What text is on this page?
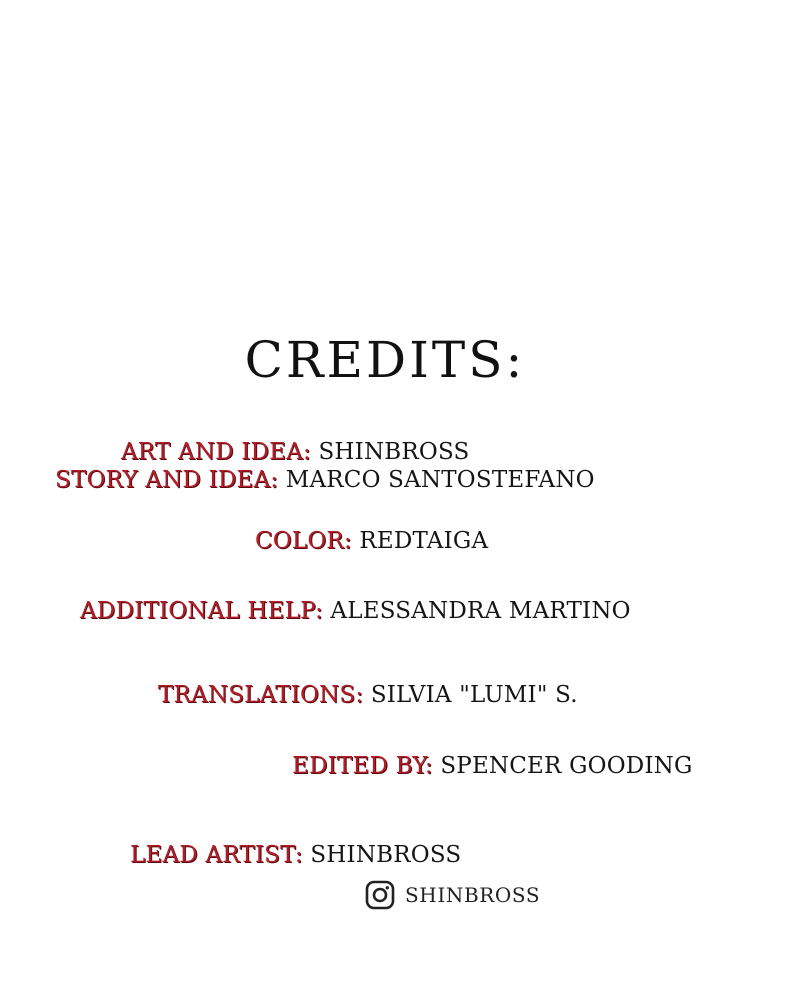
CREDITS:
ART AND IDEA: SHINBROSS
STORY AND IDEA: MARCO SANTOSTEFANO
COLOR: REDTAIGA
ADDITIONAL HELP: ALESSANDRA MARTINO
TRANSLATIONS: SILVIA "LUMI" S.
EDITED BY: SPENCER GOODING
LEAD ARTIST: SHINBROSS
SHINBROSS
